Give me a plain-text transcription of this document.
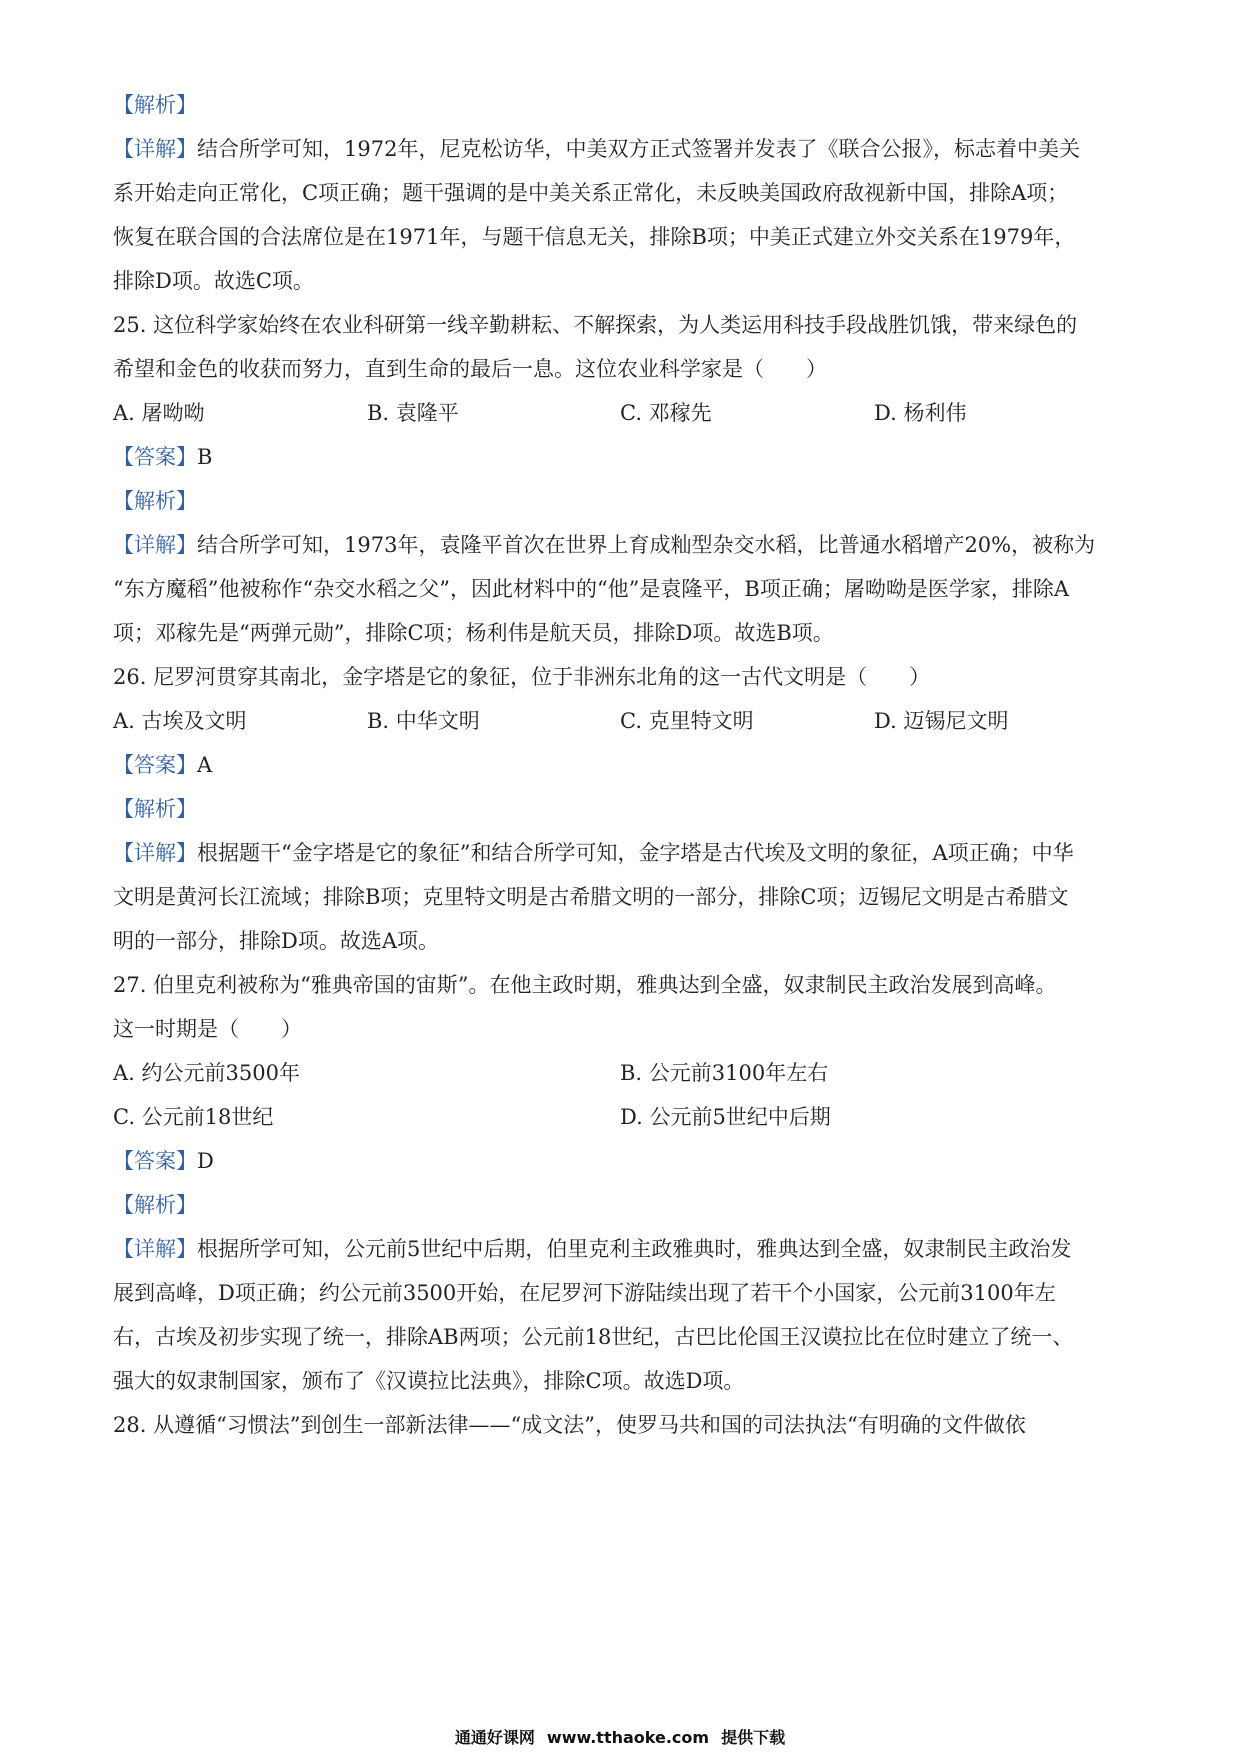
【解析】
【详解】结合所学可知，1972年，尼克松访华，中美双方正式签署并发表了《联合公报》，标志着中美关
系开始走向正常化，C项正确；题干强调的是中美关系正常化，未反映美国政府敌视新中国，排除A项；
恢复在联合国的合法席位是在1971年，与题干信息无关，排除B项；中美正式建立外交关系在1979年，
排除D项。故选C项。
25. 这位科学家始终在农业科研第一线辛勤耕耘、不解探索，为人类运用科技手段战胜饥饿，带来绿色的
希望和金色的收获而努力，直到生命的最后一息。这位农业科学家是（　　）
A. 屠呦呦	B. 袁隆平	C. 邓稼先	D. 杨利伟
【答案】B
【解析】
【详解】结合所学可知，1973年，袁隆平首次在世界上育成籼型杂交水稻，比普通水稻增产20%，被称为
“东方魔稻”他被称作“杂交水稻之父”，因此材料中的“他”是袁隆平，B项正确；屠呦呦是医学家，排除A
项；邓稼先是“两弹元勋”，排除C项；杨利伟是航天员，排除D项。故选B项。
26. 尼罗河贯穿其南北，金字塔是它的象征，位于非洲东北角的这一古代文明是（　　）
A. 古埃及文明	B. 中华文明	C. 克里特文明	D. 迈锡尼文明
【答案】A
【解析】
【详解】根据题干“金字塔是它的象征”和结合所学可知，金字塔是古代埃及文明的象征，A项正确；中华
文明是黄河长江流域；排除B项；克里特文明是古希腊文明的一部分，排除C项；迈锡尼文明是古希腊文
明的一部分，排除D项。故选A项。
27. 伯里克利被称为“雅典帝国的宙斯”。在他主政时期，雅典达到全盛，奴隶制民主政治发展到高峰。
这一时期是（　　）
A. 约公元前3500年	B. 公元前3100年左右
C. 公元前18世纪	D. 公元前5世纪中后期
【答案】D
【解析】
【详解】根据所学可知，公元前5世纪中后期，伯里克利主政雅典时，雅典达到全盛，奴隶制民主政治发
展到高峰，D项正确；约公元前3500开始，在尼罗河下游陆续出现了若干个小国家，公元前3100年左
右，古埃及初步实现了统一，排除AB两项；公元前18世纪，古巴比伦国王汉谟拉比在位时建立了统一、
强大的奴隶制国家，颁布了《汉谟拉比法典》，排除C项。故选D项。
28. 从遵循“习惯法”到创生一部新法律——“成文法”，使罗马共和国的司法执法“有明确的文件做依
通通好课网 www.tthaoke.com 提供下载
